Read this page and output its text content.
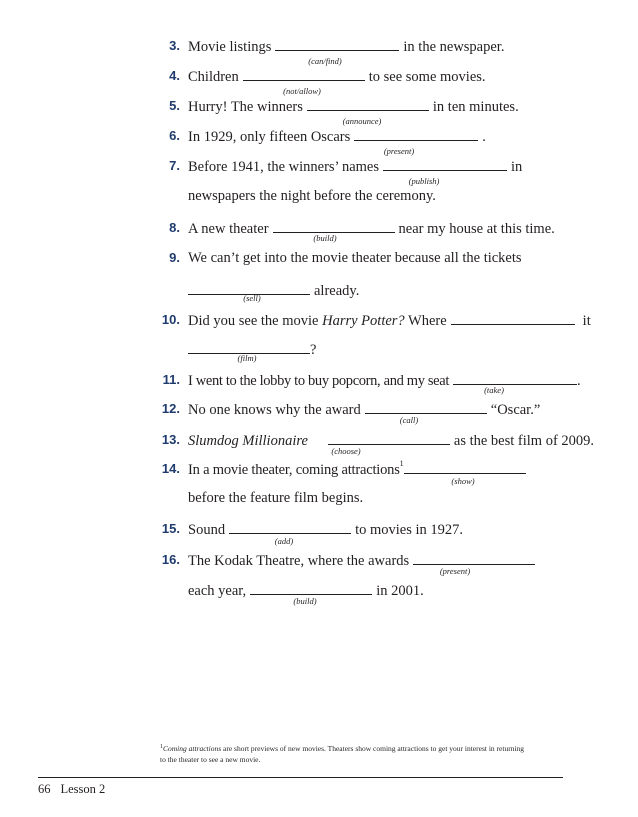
3. Movie listings	in the newspaper.
(can/find)
4. Children	to see some movies.
(not/allow)
5. Hurry! The winners	in ten minutes.
(announce)
6. In 1929, only fifteen Oscars	.
(present)
7. Before 1941, the winners’ names	in
(publish)
newspapers the night before the ceremony.
8. A new theater	near my house at this time.
(build)
9. We can’t get into the movie theater because all the tickets
already.
(sell)
10. Did you see the movie Harry Potter? Where	it
?
(film)
11. I went to the lobby to buy popcorn, and my seat	.
(take)
12. No one knows why the award	“Oscar.”
(call)
13. Slumdog Millionaire	as the best film of 2009.
(choose)
14. In a movie theater, coming attractions$^1$
(show)
before the feature film begins.
15. Sound	to movies in 1927.
(add)
16. The Kodak Theatre, where the awards
(present)
each year,	in 2001.
(build)
$^1$Coming attractions are short previews of new movies. Theaters show coming attractions to get your interest in returning to the theater to see a new movie.
66 Lesson 2
